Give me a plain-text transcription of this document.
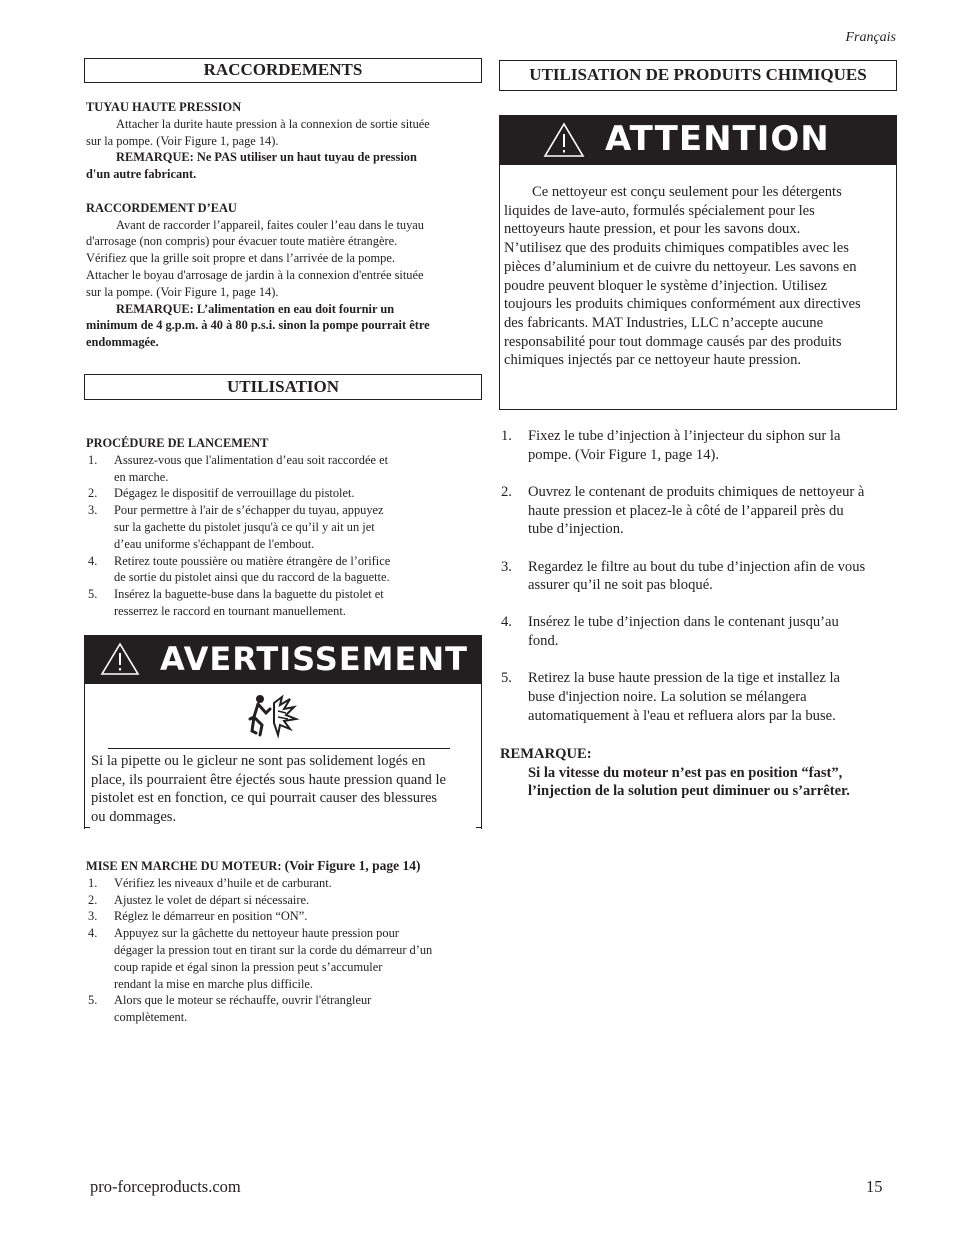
Français
RACCORDEMENTS
TUYAU HAUTE PRESSION
Attacher la durite haute pression à la connexion de sortie située
sur la pompe. (Voir Figure 1, page 14).
REMARQUE: Ne PAS utiliser un haut tuyau de pression
d'un autre fabricant.
RACCORDEMENT D’EAU
Avant de raccorder l’appareil, faites couler l’eau dans le tuyau
d'arrosage (non compris) pour évacuer toute matière étrangère.
Vérifiez que la grille soit propre et dans l’arrivée de la pompe.
Attacher le boyau d'arrosage de jardin à la connexion d'entrée située
sur la pompe. (Voir Figure 1, page 14).
REMARQUE: L’alimentation en eau doit fournir un
minimum de 4 g.p.m. à 40 à 80 p.s.i. sinon la pompe pourrait être
endommagée.
UTILISATION
PROCÉDURE DE LANCEMENT
1. Assurez-vous que l'alimentation d’eau soit raccordée et
en marche.
2. Dégagez le dispositif de verrouillage du pistolet.
3. Pour permettre à l'air de s’échapper du tuyau, appuyez
sur la gachette du pistolet jusqu'à ce qu’il y ait un jet
d’eau uniforme s'échappant de l'embout.
4. Retirez toute poussière ou matière étrangère de l’orifice
de sortie du pistolet ainsi que du raccord de la baguette.
5. Insérez la baguette-buse dans la baguette du pistolet et
resserrez le raccord en tournant manuellement.
AVERTISSEMENT
Si la pipette ou le gicleur ne sont pas solidement logés en
place, ils pourraient être éjectés sous haute pression quand le
pistolet est en fonction, ce qui pourrait causer des blessures
ou dommages.
MISE EN MARCHE DU MOTEUR: (Voir Figure 1, page 14)
1. Vérifiez les niveaux d’huile et de carburant.
2. Ajustez le volet de départ si nécessaire.
3. Réglez le démarreur en position “ON”.
4. Appuyez sur la gâchette du nettoyeur haute pression pour
dégager la pression tout en tirant sur la corde du démarreur d’un
coup rapide et égal sinon la pression peut s’accumuler
rendant la mise en marche plus difficile.
5. Alors que le moteur se réchauffe, ouvrir l'étrangleur
complètement.
UTILISATION DE PRODUITS CHIMIQUES
ATTENTION
Ce nettoyeur est conçu seulement pour les détergents
liquides de lave-auto, formulés spécialement pour les
nettoyeurs haute pression, et pour les savons doux.
N’utilisez que des produits chimiques compatibles avec les
pièces d’aluminium et de cuivre du nettoyeur. Les savons en
poudre peuvent bloquer le système d’injection. Utilisez
toujours les produits chimiques conformément aux directives
des fabricants. MAT Industries, LLC n’accepte aucune
responsabilité pour tout dommage causés par des produits
chimiques injectés par ce nettoyeur haute pression.
1. Fixez le tube d’injection à l’injecteur du siphon sur la
pompe. (Voir Figure 1, page 14).
2. Ouvrez le contenant de produits chimiques de nettoyeur à
haute pression et placez-le à côté de l’appareil près du
tube d’injection.
3. Regardez le filtre au bout du tube d’injection afin de vous
assurer qu’il ne soit pas bloqué.
4. Insérez le tube d’injection dans le contenant jusqu’au
fond.
5. Retirez la buse haute pression de la tige et installez la
buse d'injection noire. La solution se mélangera
automatiquement à l'eau et refluera alors par la buse.
REMARQUE:
Si la vitesse du moteur n’est pas en position “fast”,
l’injection de la solution peut diminuer ou s’arrêter.
pro-forceproducts.com	15
